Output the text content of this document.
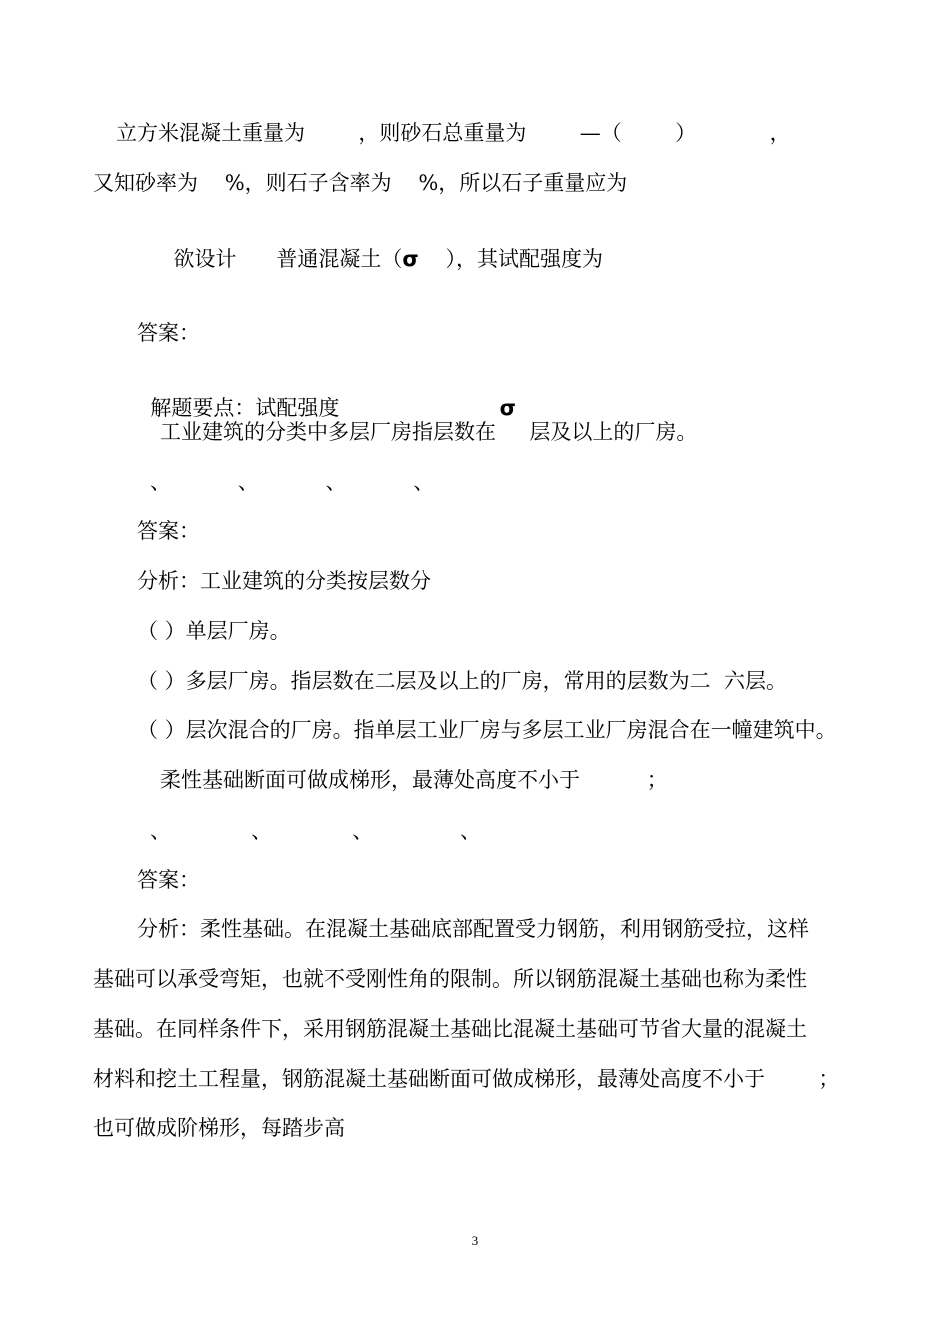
立方米混凝土重量为        ，则砂石总重量为        —（        ）           ，
又知砂率为    %，则石子含率为    %，所以石子重量应为

欲设计      普通混凝土（σ    ），其试配强度为

答案：

解题要点：试配强度                        σ

工业建筑的分类中多层厂房指层数在     层及以上的厂房。
、          、          、          、
答案：
分析：工业建筑的分类按层数分
（ ）单层厂房。
（ ）多层厂房。指层数在二层及以上的厂房，常用的层数为二  六层。
（ ）层次混合的厂房。指单层工业厂房与多层工业厂房混合在一幢建筑中。
柔性基础断面可做成梯形，最薄处高度不小于          ；
、            、            、             、
答案：
分析：柔性基础。在混凝土基础底部配置受力钢筋，利用钢筋受拉，这样
基础可以承受弯矩，也就不受刚性角的限制。所以钢筋混凝土基础也称为柔性
基础。在同样条件下，采用钢筋混凝土基础比混凝土基础可节省大量的混凝土
材料和挖土工程量，钢筋混凝土基础断面可做成梯形，最薄处高度不小于        ；
也可做成阶梯形，每踏步高
3
